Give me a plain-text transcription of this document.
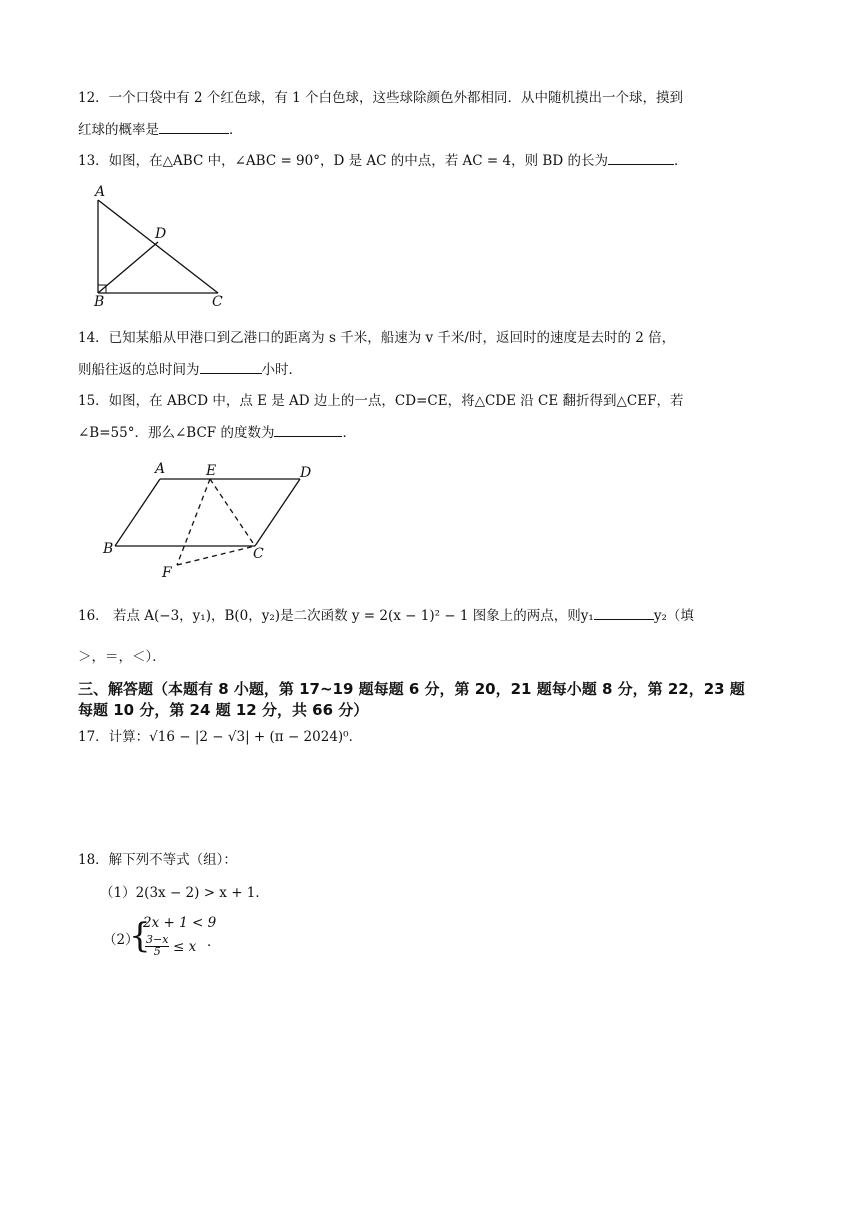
12．一个口袋中有 2 个红色球，有 1 个白色球，这些球除颜色外都相同．从中随机摸出一个球，摸到
红球的概率是	．
13．如图，在△ABC 中，∠ABC = 90°，D 是 AC 的中点，若 AC = 4，则 BD 的长为	．
A
D
B	C
14．已知某船从甲港口到乙港口的距离为 s 千米，船速为 v 千米/时，返回时的速度是去时的 2 倍，
则船往返的总时间为	小时．
15．如图，在 ABCD 中，点 E 是 AD 边上的一点，CD=CE，将△CDE 沿 CE 翻折得到△CEF，若
∠B=55°．那么∠BCF 的度数为	．
A	E	D
B	C
F
16． 若点 A(−3，y₁)，B(0，y₂)是二次函数 y = 2(x − 1)² − 1 图象上的两点，则y₁	y₂（填
＞，＝，＜）．
三、解答题（本题有 8 小题，第 17~19 题每题 6 分，第 20，21 题每小题 8 分，第 22，23 题
每题 10 分，第 24 题 12 分，共 66 分）
17．计算：√16 − |2 − √3| + (π − 2024)⁰．
18．解下列不等式（组）：
（1）2(3x − 2) > x + 1．
（2）
{
2x + 1 < 9
$\frac{3-x}{5} \le x$ ．
